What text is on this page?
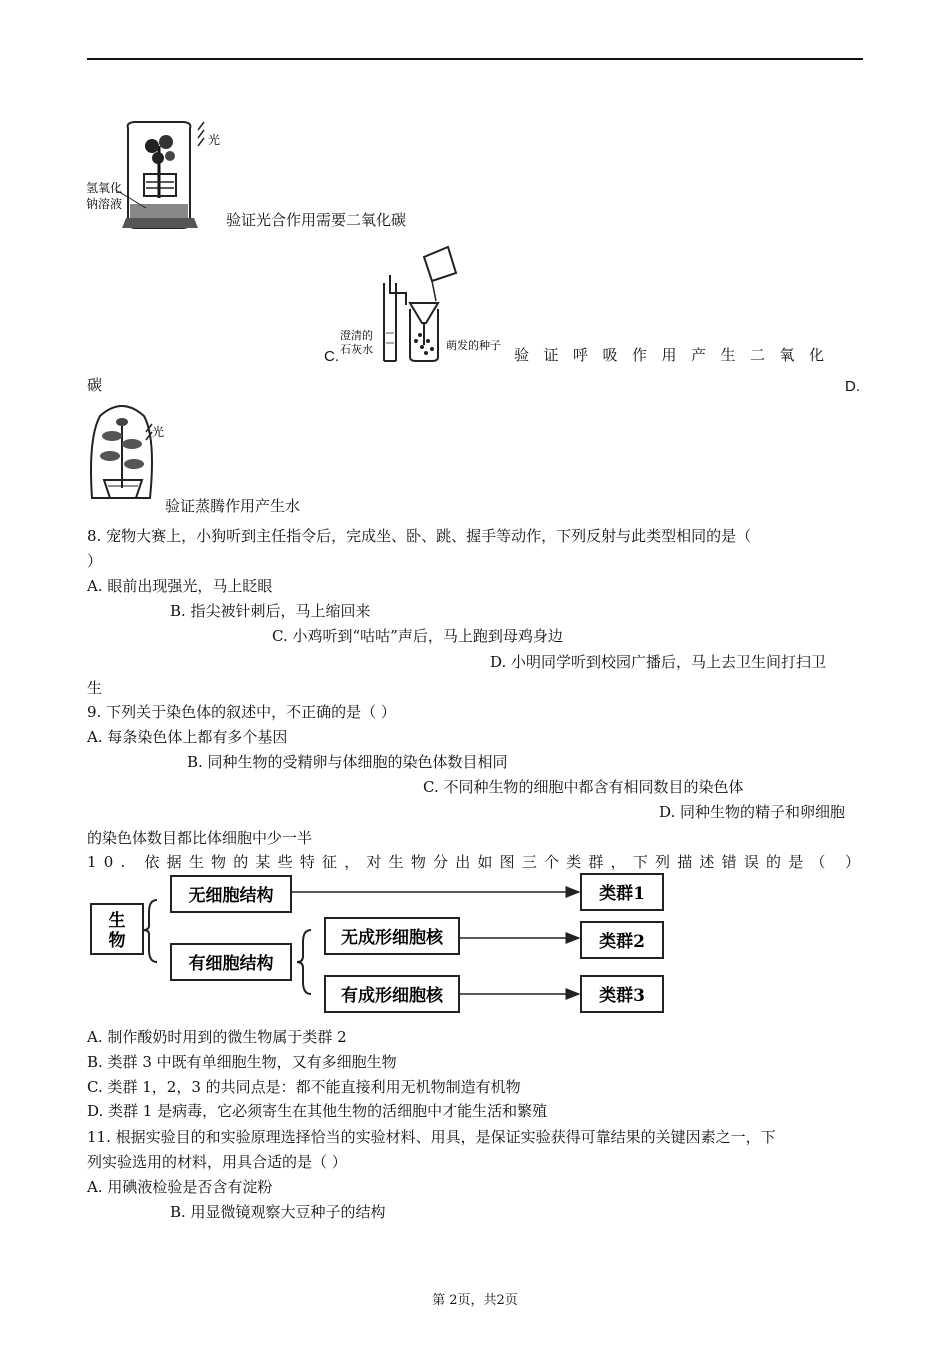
光
氢氧化
钠溶液
验证光合作用需要二氧化碳
C.
澄清的
石灰水	萌发的种子
验证呼吸作用产生二氧化
碳	D.
光
验证蒸腾作用产生水
8. 宠物大赛上，小狗听到主任指令后，完成坐、卧、跳、握手等动作，下列反射与此类型相同的是（
）
A. 眼前出现强光，马上眨眼
B. 指尖被针刺后，马上缩回来
C. 小鸡听到“咕咕”声后，马上跑到母鸡身边
D. 小明同学听到校园广播后，马上去卫生间打扫卫
生
9. 下列关于染色体的叙述中，不正确的是（ ）
A. 每条染色体上都有多个基因
B. 同种生物的受精卵与体细胞的染色体数目相同
C. 不同种生物的细胞中都含有相同数目的染色体
D. 同种生物的精子和卵细胞
的染色体数目都比体细胞中少一半
10. 依据生物的某些特征，对生物分出如图三个类群，下列描述错误的是（ ）
生
物
无细胞结构
有细胞结构
无成形细胞核
有成形细胞核
类群1
类群2
类群3
A. 制作酸奶时用到的微生物属于类群 2
B. 类群 3 中既有单细胞生物，又有多细胞生物
C. 类群 1，2，3 的共同点是：都不能直接利用无机物制造有机物
D. 类群 1 是病毒，它必须寄生在其他生物的活细胞中才能生活和繁殖
11. 根据实验目的和实验原理选择恰当的实验材料、用具，是保证实验获得可靠结果的关键因素之一，下
列实验选用的材料，用具合适的是（ ）
A. 用碘液检验是否含有淀粉
B. 用显微镜观察大豆种子的结构
第 2页，共2页
